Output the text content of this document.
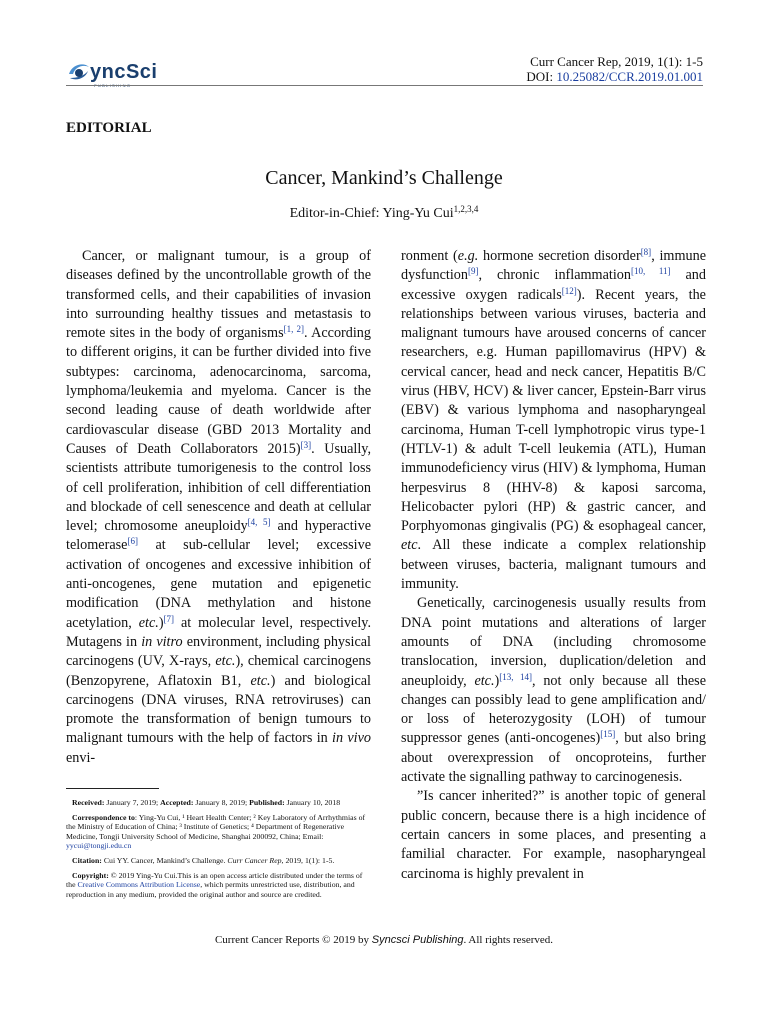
yncSci	Curr Cancer Rep, 2019, 1(1): 1-5
DOI: 10.25082/CCR.2019.01.001
EDITORIAL
Cancer, Mankind’s Challenge
Editor-in-Chief: Ying-Yu Cui$^{1,2,3,4}$

Cancer, or malignant tumour, is a group of diseases defined by the uncontrollable growth of the transformed cells, and their capabilities of invasion into surrounding healthy tissues and metastasis to remote sites in the body of organisms[1, 2]. According to different origins, it can be further divided into five subtypes: carcinoma, adenocarcinoma, sarcoma, lymphoma/leukemia and myeloma. Cancer is the second leading cause of death worldwide after cardiovascular disease (GBD 2013 Mortality and Causes of Death Collaborators 2015)[3]. Usually, scientists attribute tumorigenesis to the control loss of cell proliferation, inhibition of cell differentiation and blockade of cell senescence and death at cellular level; chromosome aneuploidy[4, 5] and hyperactive telomerase[6] at sub-cellular level; excessive activation of oncogenes and excessive inhibition of anti-oncogenes, gene mutation and epigenetic modification (DNA methylation and histone acetylation, etc.)[7] at molecular level, respectively. Mutagens in in vitro environment, including physical carcinogens (UV, X-rays, etc.), chemical carcinogens (Benzopyrene, Aflatoxin B1, etc.) and biological carcinogens (DNA viruses, RNA retroviruses) can promote the transformation of benign tumours to malignant tumours with the help of factors in in vivo envi-

ronment (e.g. hormone secretion disorder[8], immune dysfunction[9], chronic inflammation[10, 11] and excessive oxygen radicals[12]). Recent years, the relationships between various viruses, bacteria and malignant tumours have aroused concerns of cancer researchers, e.g. Human papillomavirus (HPV) & cervical cancer, head and neck cancer, Hepatitis B/C virus (HBV, HCV) & liver cancer, Epstein-Barr virus (EBV) & various lymphoma and nasopharyngeal carcinoma, Human T-cell lymphotropic virus type-1 (HTLV-1) & adult T-cell leukemia (ATL), Human immunodeficiency virus (HIV) & lymphoma, Human herpesvirus 8 (HHV-8) & kaposi sarcoma, Helicobacter pylori (HP) & gastric cancer, and Porphyomonas gingivalis (PG) & esophageal cancer, etc. All these indicate a complex relationship between viruses, bacteria, malignant tumours and immunity.

Genetically, carcinogenesis usually results from DNA point mutations and alterations of larger amounts of DNA (including chromosome translocation, inversion, duplication/deletion and aneuploidy, etc.)[13, 14], not only because all these changes can possibly lead to gene amplification and/ or loss of heterozygosity (LOH) of tumour suppressor genes (anti-oncogenes)[15], but also bring about overexpression of oncoproteins, further activate the signalling pathway to carcinogenesis.

”Is cancer inherited?” is another topic of general public concern, because there is a high incidence of certain cancers in some places, and presenting a familial character. For example, nasopharyngeal carcinoma is highly prevalent in

Received: January 7, 2019; Accepted: January 8, 2019; Published: January 10, 2018

Correspondence to: Ying-Yu Cui, ¹ Heart Health Center; ² Key Laboratory of Arrhythmias of the Ministry of Education of China; ³ Institute of Genetics; ⁴ Department of Regenerative Medicine, Tongji University School of Medicine, Shanghai 200092, China; Email: yycui@tongji.edu.cn

Citation: Cui YY. Cancer, Mankind’s Challenge. Curr Cancer Rep, 2019, 1(1): 1-5.

Copyright: © 2019 Ying-Yu Cui.This is an open access article distributed under the terms of the Creative Commons Attribution License, which permits unrestricted use, distribution, and reproduction in any medium, provided the original author and source are credited.

Current Cancer Reports © 2019 by Syncsci Publishing. All rights reserved.
